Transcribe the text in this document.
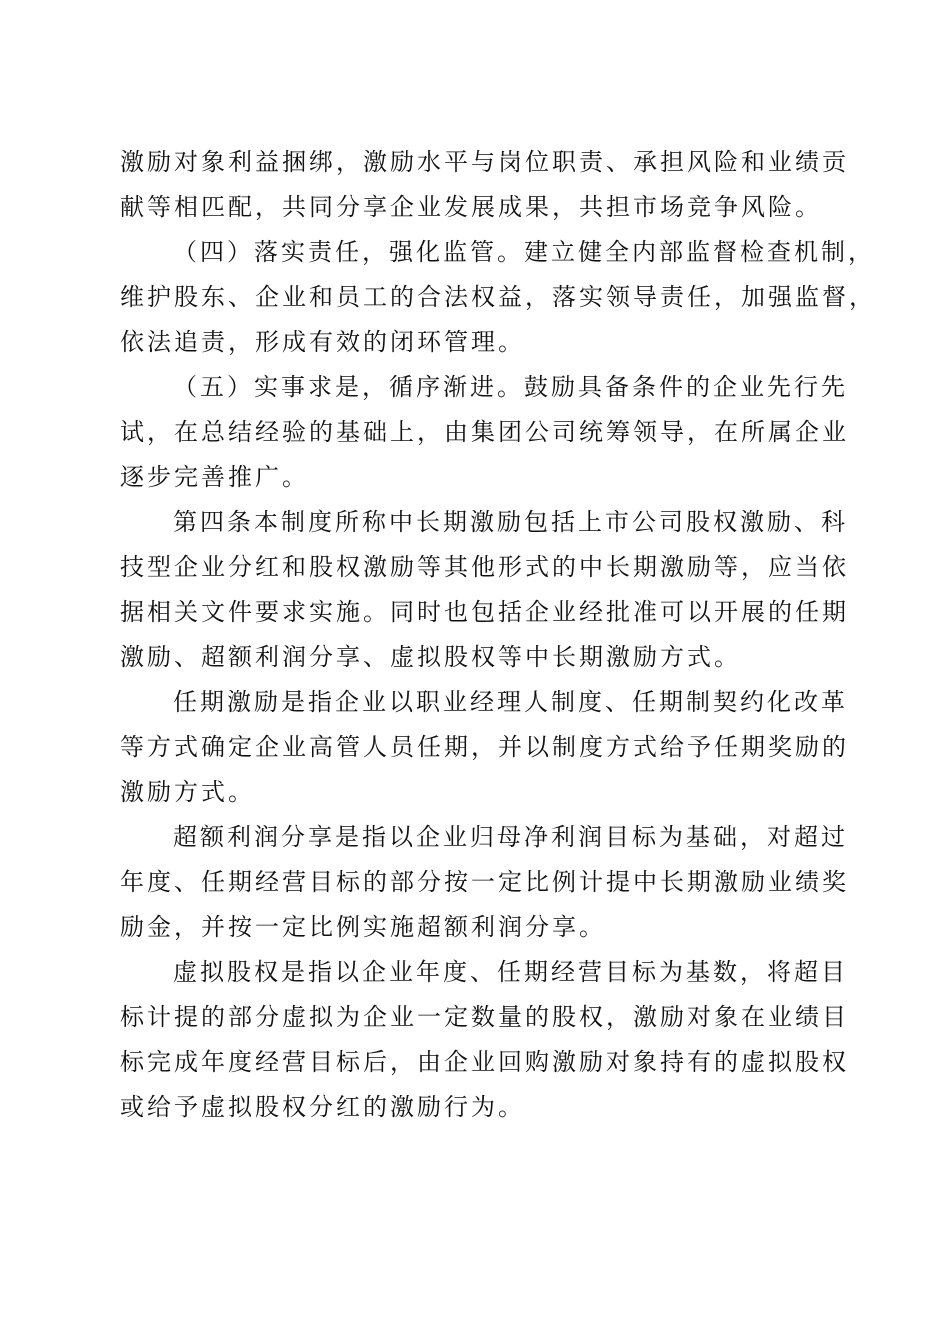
激励对象利益捆绑，激励水平与岗位职责、承担风险和业绩贡
献等相匹配，共同分享企业发展成果，共担市场竞争风险。
（四）落实责任，强化监管。建立健全内部监督检查机制，
维护股东、企业和员工的合法权益，落实领导责任，加强监督，
依法追责，形成有效的闭环管理。
（五）实事求是，循序渐进。鼓励具备条件的企业先行先
试，在总结经验的基础上，由集团公司统筹领导，在所属企业
逐步完善推广。
第四条本制度所称中长期激励包括上市公司股权激励、科
技型企业分红和股权激励等其他形式的中长期激励等，应当依
据相关文件要求实施。同时也包括企业经批准可以开展的任期
激励、超额利润分享、虚拟股权等中长期激励方式。
任期激励是指企业以职业经理人制度、任期制契约化改革
等方式确定企业高管人员任期，并以制度方式给予任期奖励的
激励方式。
超额利润分享是指以企业归母净利润目标为基础，对超过
年度、任期经营目标的部分按一定比例计提中长期激励业绩奖
励金，并按一定比例实施超额利润分享。
虚拟股权是指以企业年度、任期经营目标为基数，将超目
标计提的部分虚拟为企业一定数量的股权，激励对象在业绩目
标完成年度经营目标后，由企业回购激励对象持有的虚拟股权
或给予虚拟股权分红的激励行为。
